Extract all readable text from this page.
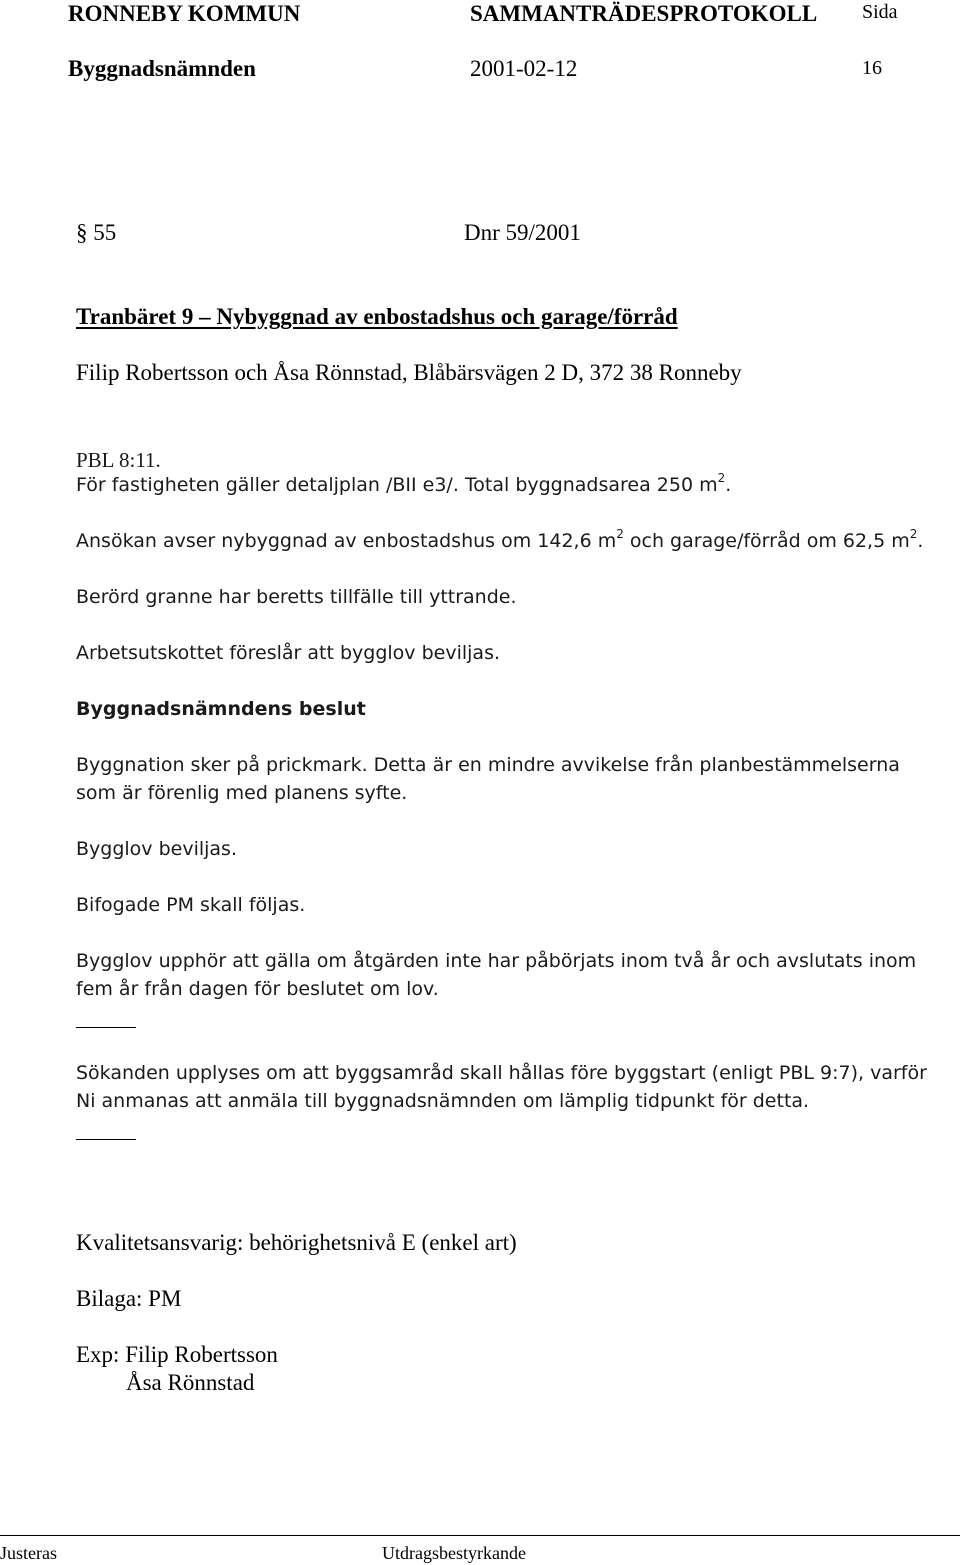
RONNEBY KOMMUN	SAMMANTRÄDESPROTOKOLL Sida
Byggnadsnämnden	2001-02-12	16
§ 55	Dnr 59/2001
Tranbäret 9 – Nybyggnad av enbostadshus och garage/förråd
Filip Robertsson och Åsa Rönnstad, Blåbärsvägen 2 D, 372 38 Ronneby
PBL 8:11.
För fastigheten gäller detaljplan /BII e3/. Total byggnadsarea 250 $m^2$.
Ansökan avser nybyggnad av enbostadshus om 142,6 $m^2$ och garage/förråd om 62,5 $m^2$.
Berörd granne har beretts tillfälle till yttrande.
Arbetsutskottet föreslår att bygglov beviljas.
Byggnadsnämndens beslut
Byggnation sker på prickmark. Detta är en mindre avvikelse från planbestämmelserna
som är förenlig med planens syfte.
Bygglov beviljas.
Bifogade PM skall följas.
Bygglov upphör att gälla om åtgärden inte har påbörjats inom två år och avslutats inom
fem år från dagen för beslutet om lov.
Sökanden upplyses om att byggsamråd skall hållas före byggstart (enligt PBL 9:7), varför
Ni anmanas att anmäla till byggnadsnämnden om lämplig tidpunkt för detta.
Kvalitetsansvarig: behörighetsnivå E (enkel art)
Bilaga: PM
Exp: Filip Robertsson
Åsa Rönnstad
Justeras	Utdragsbestyrkande
